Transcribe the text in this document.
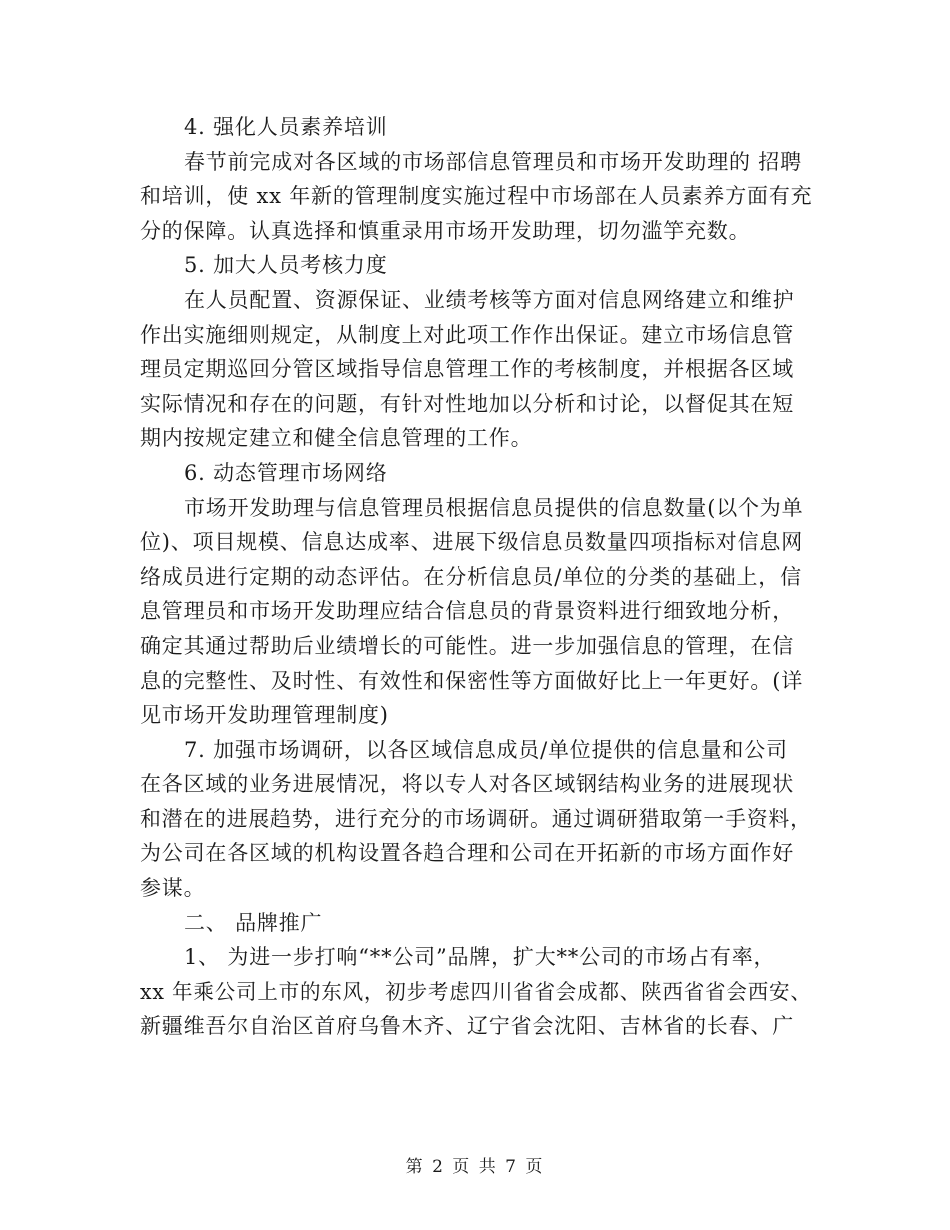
4. 强化人员素养培训
春节前完成对各区域的市场部信息管理员和市场开发助理的 招聘
和培训，使 xx 年新的管理制度实施过程中市场部在人员素养方面有充
分的保障。认真选择和慎重录用市场开发助理，切勿滥竽充数。
5. 加大人员考核力度
在人员配置、资源保证、业绩考核等方面对信息网络建立和维护
作出实施细则规定，从制度上对此项工作作出保证。建立市场信息管
理员定期巡回分管区域指导信息管理工作的考核制度，并根据各区域
实际情况和存在的问题，有针对性地加以分析和讨论，以督促其在短
期内按规定建立和健全信息管理的工作。
6. 动态管理市场网络
市场开发助理与信息管理员根据信息员提供的信息数量(以个为单
位)、项目规模、信息达成率、进展下级信息员数量四项指标对信息网
络成员进行定期的动态评估。在分析信息员/单位的分类的基础上，信
息管理员和市场开发助理应结合信息员的背景资料进行细致地分析，
确定其通过帮助后业绩增长的可能性。进一步加强信息的管理，在信
息的完整性、及时性、有效性和保密性等方面做好比上一年更好。(详
见市场开发助理管理制度)
7. 加强市场调研，以各区域信息成员/单位提供的信息量和公司
在各区域的业务进展情况，将以专人对各区域钢结构业务的进展现状
和潜在的进展趋势，进行充分的市场调研。通过调研猎取第一手资料，
为公司在各区域的机构设置各趋合理和公司在开拓新的市场方面作好
参谋。
二、 品牌推广
1、 为进一步打响“**公司”品牌，扩大**公司的市场占有率，
xx 年乘公司上市的东风，初步考虑四川省省会成都、陕西省省会西安、
新疆维吾尔自治区首府乌鲁木齐、辽宁省会沈阳、吉林省的长春、广
第 2 页 共 7 页
